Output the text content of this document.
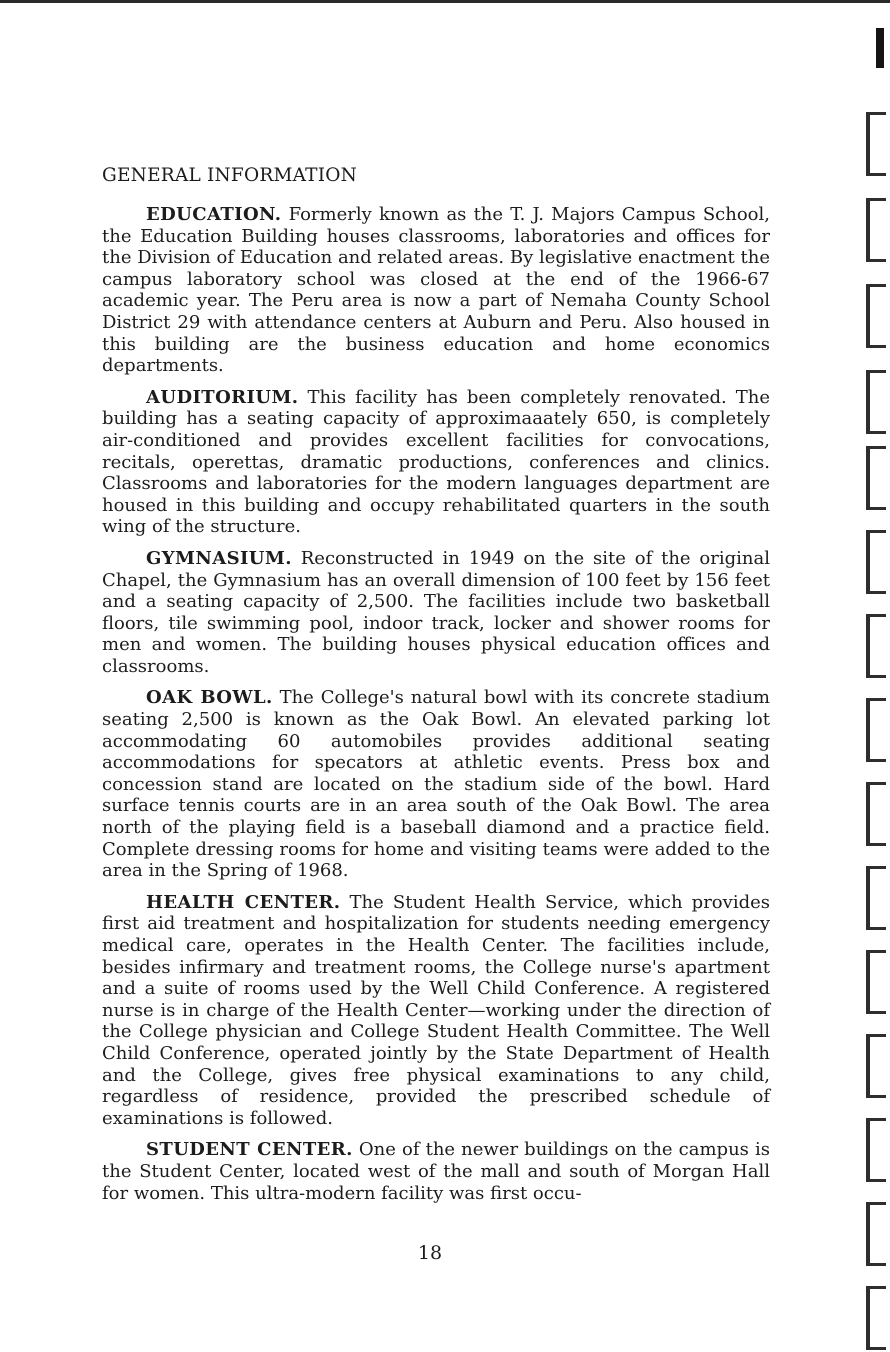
GENERAL INFORMATION

EDUCATION. Formerly known as the T. J. Majors Campus School, the Education Building houses classrooms, laboratories and offices for the Division of Education and related areas. By legislative enactment the campus laboratory school was closed at the end of the 1966-67 academic year. The Peru area is now a part of Nemaha County School District 29 with attendance centers at Auburn and Peru. Also housed in this building are the business education and home economics departments.

AUDITORIUM. This facility has been completely renovated. The building has a seating capacity of approximaaately 650, is completely air-conditioned and provides excellent facilities for convocations, recitals, operettas, dramatic productions, conferences and clinics. Classrooms and laboratories for the modern languages department are housed in this building and occupy rehabilitated quarters in the south wing of the structure.

GYMNASIUM. Reconstructed in 1949 on the site of the original Chapel, the Gymnasium has an overall dimension of 100 feet by 156 feet and a seating capacity of 2,500. The facilities include two basketball floors, tile swimming pool, indoor track, locker and shower rooms for men and women. The building houses physical education offices and classrooms.

OAK BOWL. The College's natural bowl with its concrete stadium seating 2,500 is known as the Oak Bowl. An elevated parking lot accommodating 60 automobiles provides additional seating accommodations for specators at athletic events. Press box and concession stand are located on the stadium side of the bowl. Hard surface tennis courts are in an area south of the Oak Bowl. The area north of the playing field is a baseball diamond and a practice field. Complete dressing rooms for home and visiting teams were added to the area in the Spring of 1968.

HEALTH CENTER. The Student Health Service, which provides first aid treatment and hospitalization for students needing emergency medical care, operates in the Health Center. The facilities include, besides infirmary and treatment rooms, the College nurse's apartment and a suite of rooms used by the Well Child Conference. A registered nurse is in charge of the Health Center—working under the direction of the College physician and College Student Health Committee. The Well Child Conference, operated jointly by the State Department of Health and the College, gives free physical examinations to any child, regardless of residence, provided the prescribed schedule of examinations is followed.

STUDENT CENTER. One of the newer buildings on the campus is the Student Center, located west of the mall and south of Morgan Hall for women. This ultra-modern facility was first occu-

18
